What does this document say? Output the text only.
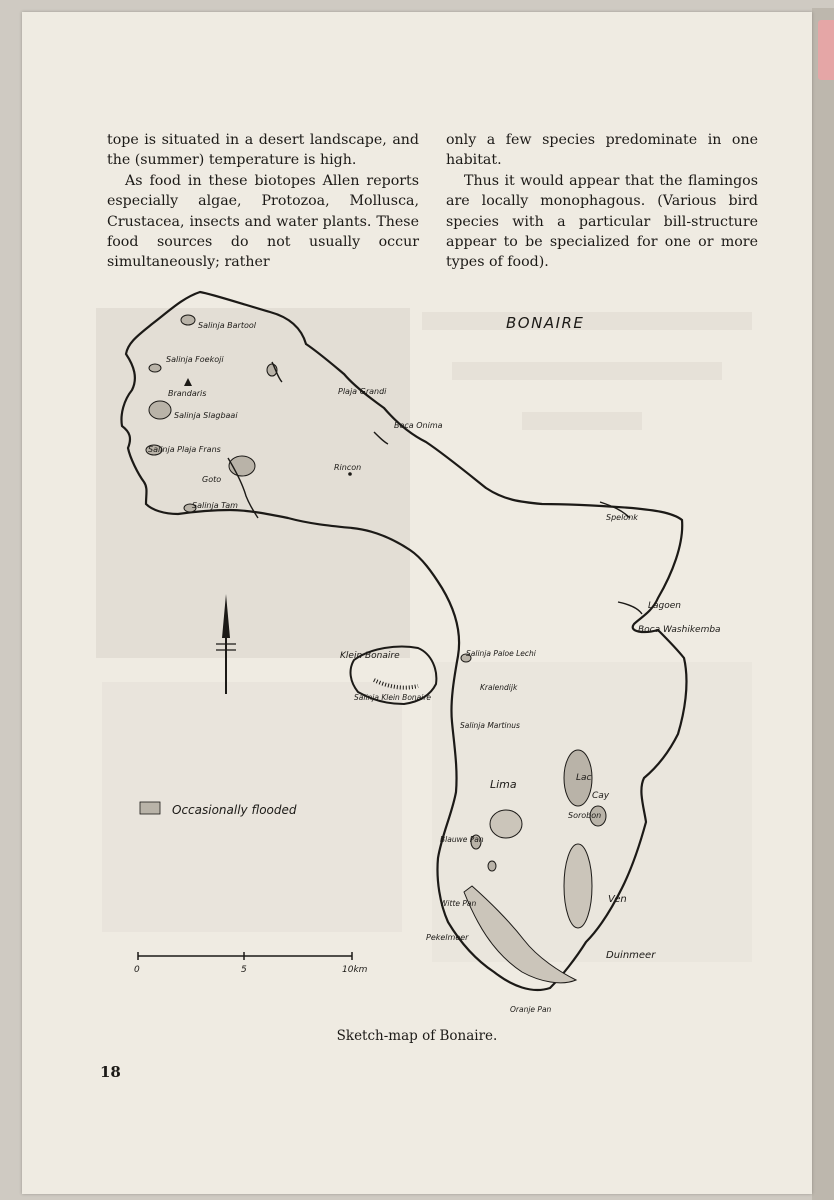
tope is situated in a desert landscape, and the (summer) temperature is high.

As food in these biotopes Allen reports especially algae, Protozoa, Mollusca, Crustacea, insects and water plants. These food sources do not usually occur simultaneously; rather

only a few species predominate in one habitat.

Thus it would appear that the flamingos are locally monophagous. (Various bird species with a particular bill-structure appear to be specialized for one or more types of food).

BONAIRE
Salinja Bartool
Salinja Foekoji
Brandaris
Salinja Slagbaai
Salinja Plaja Frans
Goto
Salinja Tam
Plaja Grandi
Boca Onima
Rincon
Spelonk
Lagoen
Boca Washikemba
Klein Bonaire
Salinja Klein Bonaire
Salinja Paloe Lechi
Kralendijk
Salinja Martinus
Lima	Lac
Cay
Sorobon
Blauwe Pan
Witte Pan	Ven
Pekelmeer
Duinmeer
Oranje Pan
Occasionally flooded
0	5	10km
Sketch-map of Bonaire.
18
